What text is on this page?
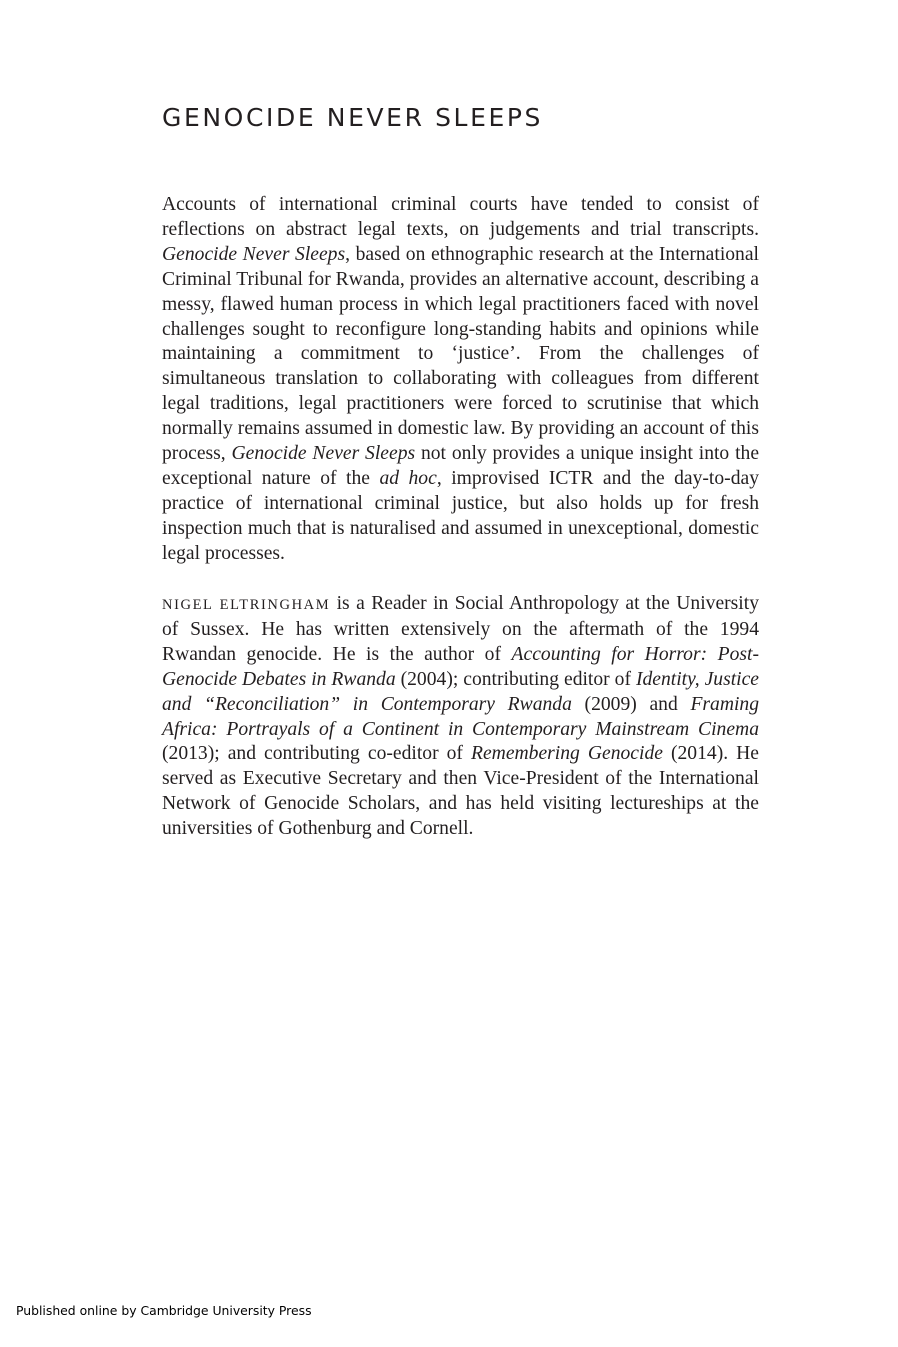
GENOCIDE NEVER SLEEPS

Accounts of international criminal courts have tended to consist of reflections on abstract legal texts, on judgements and trial transcripts. Genocide Never Sleeps, based on ethnographic research at the International Criminal Tribunal for Rwanda, provides an alternative account, describing a messy, flawed human process in which legal practitioners faced with novel challenges sought to reconfigure long-standing habits and opinions while maintaining a commitment to ‘justice’. From the challenges of simultaneous translation to collaborating with colleagues from different legal traditions, legal practitioners were forced to scrutinise that which normally remains assumed in domestic law. By providing an account of this process, Genocide Never Sleeps not only provides a unique insight into the exceptional nature of the ad hoc, improvised ICTR and the day-to-day practice of international criminal justice, but also holds up for fresh inspection much that is naturalised and assumed in unexceptional, domestic legal processes.

NIGEL ELTRINGHAM is a Reader in Social Anthropology at the University of Sussex. He has written extensively on the aftermath of the 1994 Rwandan genocide. He is the author of Accounting for Horror: Post-Genocide Debates in Rwanda (2004); contributing editor of Identity, Justice and “Reconciliation” in Contemporary Rwanda (2009) and Framing Africa: Portrayals of a Continent in Contemporary Mainstream Cinema (2013); and contributing co-editor of Remembering Genocide (2014). He served as Executive Secretary and then Vice-President of the International Network of Genocide Scholars, and has held visiting lectureships at the universities of Gothenburg and Cornell.

Published online by Cambridge University Press
